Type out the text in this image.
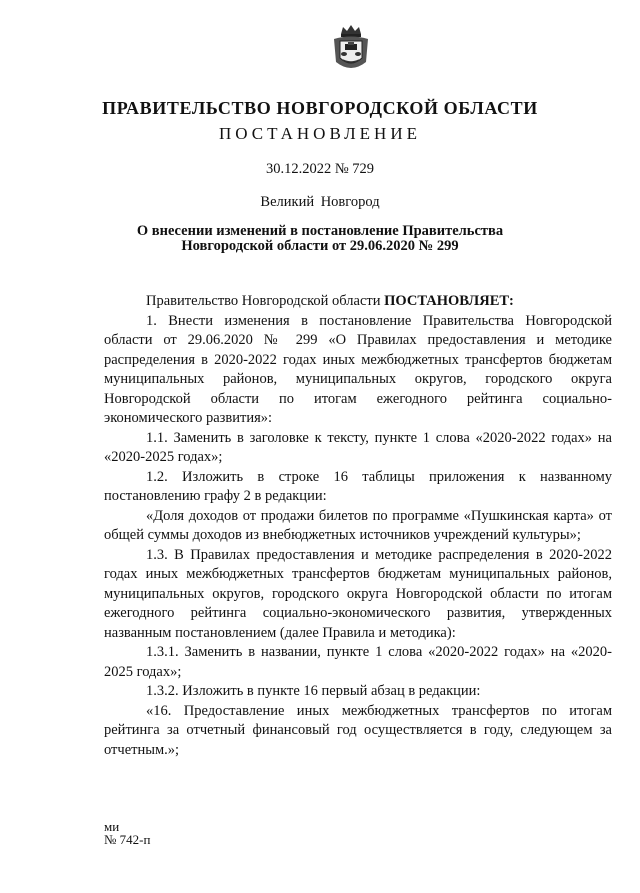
ПРАВИТЕЛЬСТВО НОВГОРОДСКОЙ ОБЛАСТИ
ПОСТАНОВЛЕНИЕ
30.12.2022 № 729
Великий Новгород
О внесении изменений в постановление Правительства
Новгородской области от 29.06.2020 № 299

Правительство Новгородской области ПОСТАНОВЛЯЕТ:

1. Внести изменения в постановление Правительства Новгородской области от 29.06.2020 № 299 «О Правилах предоставления и методике распределения в 2020-2022 годах иных межбюджетных трансфертов бюджетам муниципальных районов, муниципальных округов, городского округа Новгородской области по итогам ежегодного рейтинга социально-экономического развития»:

1.1. Заменить в заголовке к тексту, пункте 1 слова «2020-2022 годах» на «2020-2025 годах»;

1.2. Изложить в строке 16 таблицы приложения к названному постановлению графу 2 в редакции:

«Доля доходов от продажи билетов по программе «Пушкинская карта» от общей суммы доходов из внебюджетных источников учреждений культуры»;

1.3. В Правилах предоставления и методике распределения в 2020-2022 годах иных межбюджетных трансфертов бюджетам муниципальных районов, муниципальных округов, городского округа Новгородской области по итогам ежегодного рейтинга социально-экономического развития, утвержденных названным постановлением (далее Правила и методика):

1.3.1. Заменить в названии, пункте 1 слова «2020-2022 годах» на «2020-2025 годах»;

1.3.2. Изложить в пункте 16 первый абзац в редакции:

«16. Предоставление иных межбюджетных трансфертов по итогам рейтинга за отчетный финансовый год осуществляется в году, следующем за отчетным.»;

ми
№ 742-п
